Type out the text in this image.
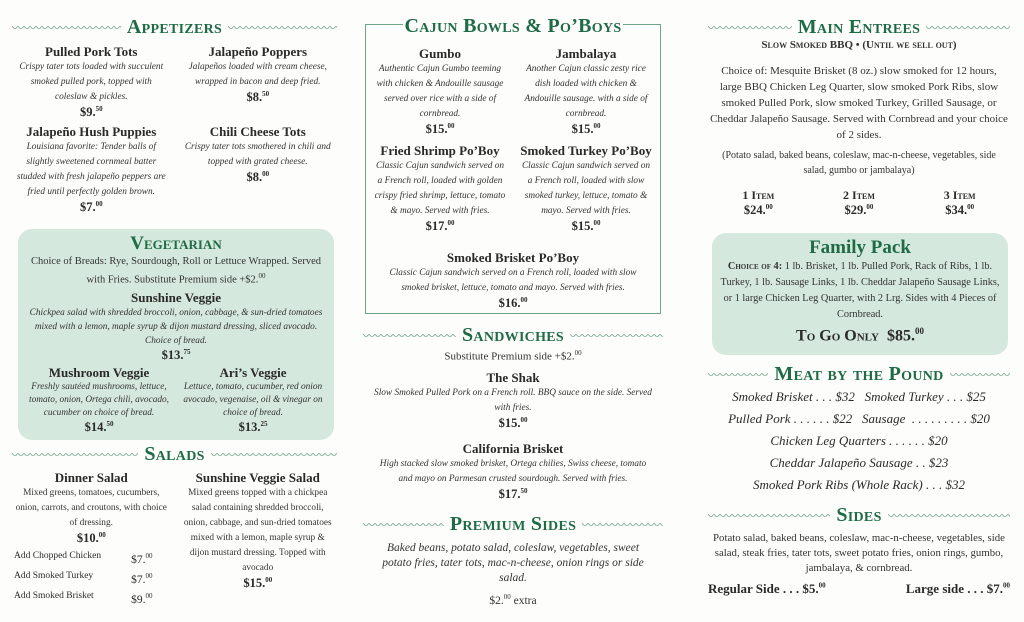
Appetizers
Pulled Pork Tots
Crispy tater tots loaded with succulent smoked pulled pork, topped with coleslaw & pickles.
$9.50
Jalapeño Poppers
Jalapeños loaded with cream cheese, wrapped in bacon and deep fried.
$8.50
Jalapeño Hush Puppies
Louisiana favorite: Tender balls of slightly sweetened cornmeal batter studded with fresh jalapeño peppers are fried until perfectly golden brown.
$7.00
Chili Cheese Tots
Crispy tater tots smothered in chili and topped with grated cheese.
$8.00
Vegetarian
Choice of Breads: Rye, Sourdough, Roll or Lettuce Wrapped. Served with Fries. Substitute Premium side +$2.00
Sunshine Veggie
Chickpea salad with shredded broccoli, onion, cabbage, & sun-dried tomatoes mixed with a lemon, maple syrup & dijon mustard dressing, sliced avocado. Choice of bread.
$13.75
Mushroom Veggie
Freshly sautéed mushrooms, lettuce, tomato, onion, Ortega chili, avocado, cucumber on choice of bread.
$14.50
Ari’s Veggie
Lettuce, tomato, cucumber, red onion avocado, vegenaise, oil & vinegar on choice of bread.
$13.25
Salads
Dinner Salad
Mixed greens, tomatoes, cucumbers, onion, carrots, and croutons, with choice of dressing.
$10.00
Add Chopped Chicken	$7.00
Add Smoked Turkey	$7.00
Add Smoked Brisket	$9.00
Sunshine Veggie Salad
Mixed greens topped with a chickpea salad containing shredded broccoli, onion, cabbage, and sun-dried tomatoes mixed with a lemon, maple syrup & dijon mustard dressing. Topped with avocado
$15.00
Cajun Bowls & Po’Boys
Gumbo
Authentic Cajun Gumbo teeming with chicken & Andouille sausage served over rice with a side of cornbread.
$15.00
Jambalaya
Another Cajun classic zesty rice dish loaded with chicken & Andouille sausage. with a side of cornbread.
$15.00
Fried Shrimp Po’Boy
Classic Cajun sandwich served on a French roll, loaded with golden crispy fried shrimp, lettuce, tomato & mayo. Served with fries.
$17.00
Smoked Turkey Po’Boy
Classic Cajun sandwich served on a French roll, loaded with slow smoked turkey, lettuce, tomato & mayo. Served with fries.
$15.00
Smoked Brisket Po’Boy
Classic Cajun sandwich served on a French roll, loaded with slow smoked brisket, lettuce, tomato and mayo. Served with fries.
$16.00
Sandwiches
Substitute Premium side +$2.00
The Shak
Slow Smoked Pulled Pork on a French roll. BBQ sauce on the side. Served with fries.
$15.00
California Brisket
High stacked slow smoked brisket, Ortega chilies, Swiss cheese, tomato and mayo on Parmesan crusted sourdough. Served with fries.
$17.50
Premium Sides
Baked beans, potato salad, coleslaw, vegetables, sweet potato fries, tater tots, mac-n-cheese, onion rings or side salad.
$2.00 extra
Main Entrees
Slow Smoked BBQ • (Until we sell out)
Choice of: Mesquite Brisket (8 oz.) slow smoked for 12 hours, large BBQ Chicken Leg Quarter, slow smoked Pork Ribs, slow smoked Pulled Pork, slow smoked Turkey, Grilled Sausage, or Cheddar Jalapeño Sausage. Served with Cornbread and your choice of 2 sides.
(Potato salad, baked beans, coleslaw, mac-n-cheese, vegetables, side salad, gumbo or jambalaya)
1 Item
$24.00
2 Item
$29.00
3 Item
$34.00
Family Pack
Choice of 4: 1 lb. Brisket, 1 lb. Pulled Pork, Rack of Ribs, 1 lb. Turkey, 1 lb. Sausage Links, 1 lb. Cheddar Jalapeño Sausage Links, or 1 large Chicken Leg Quarter, with 2 Lrg. Sides with 4 Pieces of Cornbread.
To Go Only $85.00
Meat by the Pound
Smoked Brisket . . . $32   Smoked Turkey . . . $25
Pulled Pork . . . . . . $22   Sausage  . . . . . . . . . $20
Chicken Leg Quarters . . . . . . $20
Cheddar Jalapeño Sausage . . $23
Smoked Pork Ribs (Whole Rack) . . . $32
Sides
Potato salad, baked beans, coleslaw, mac-n-cheese, vegetables, side salad, steak fries, tater tots, sweet potato fries, onion rings, gumbo, jambalaya, & cornbread.
Regular Side . . . $5.00	Large side . . . $7.00
